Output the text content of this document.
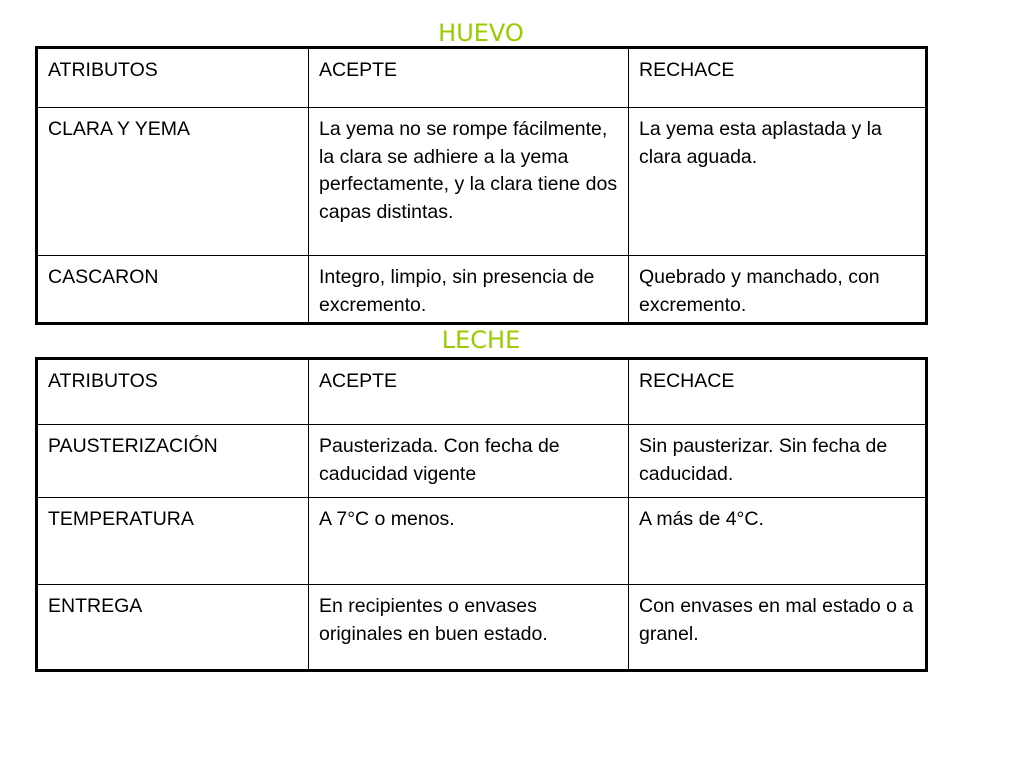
HUEVO
ATRIBUTOS	ACEPTE	RECHACE
CLARA Y YEMA	La yema no se rompe fácilmente, la clara se adhiere a la yema perfectamente, y la clara tiene dos capas distintas.	La yema esta aplastada y la clara aguada.
CASCARON	Integro, limpio, sin presencia de excremento.	Quebrado y manchado, con excremento.
LECHE
ATRIBUTOS	ACEPTE	RECHACE
PAUSTERIZACIÓN	Pausterizada. Con fecha de caducidad vigente	Sin pausterizar. Sin fecha de caducidad.
TEMPERATURA	A 7°C o menos.	A más de 4°C.
ENTREGA	En recipientes o envases originales en buen estado.	Con envases en mal estado o a granel.
